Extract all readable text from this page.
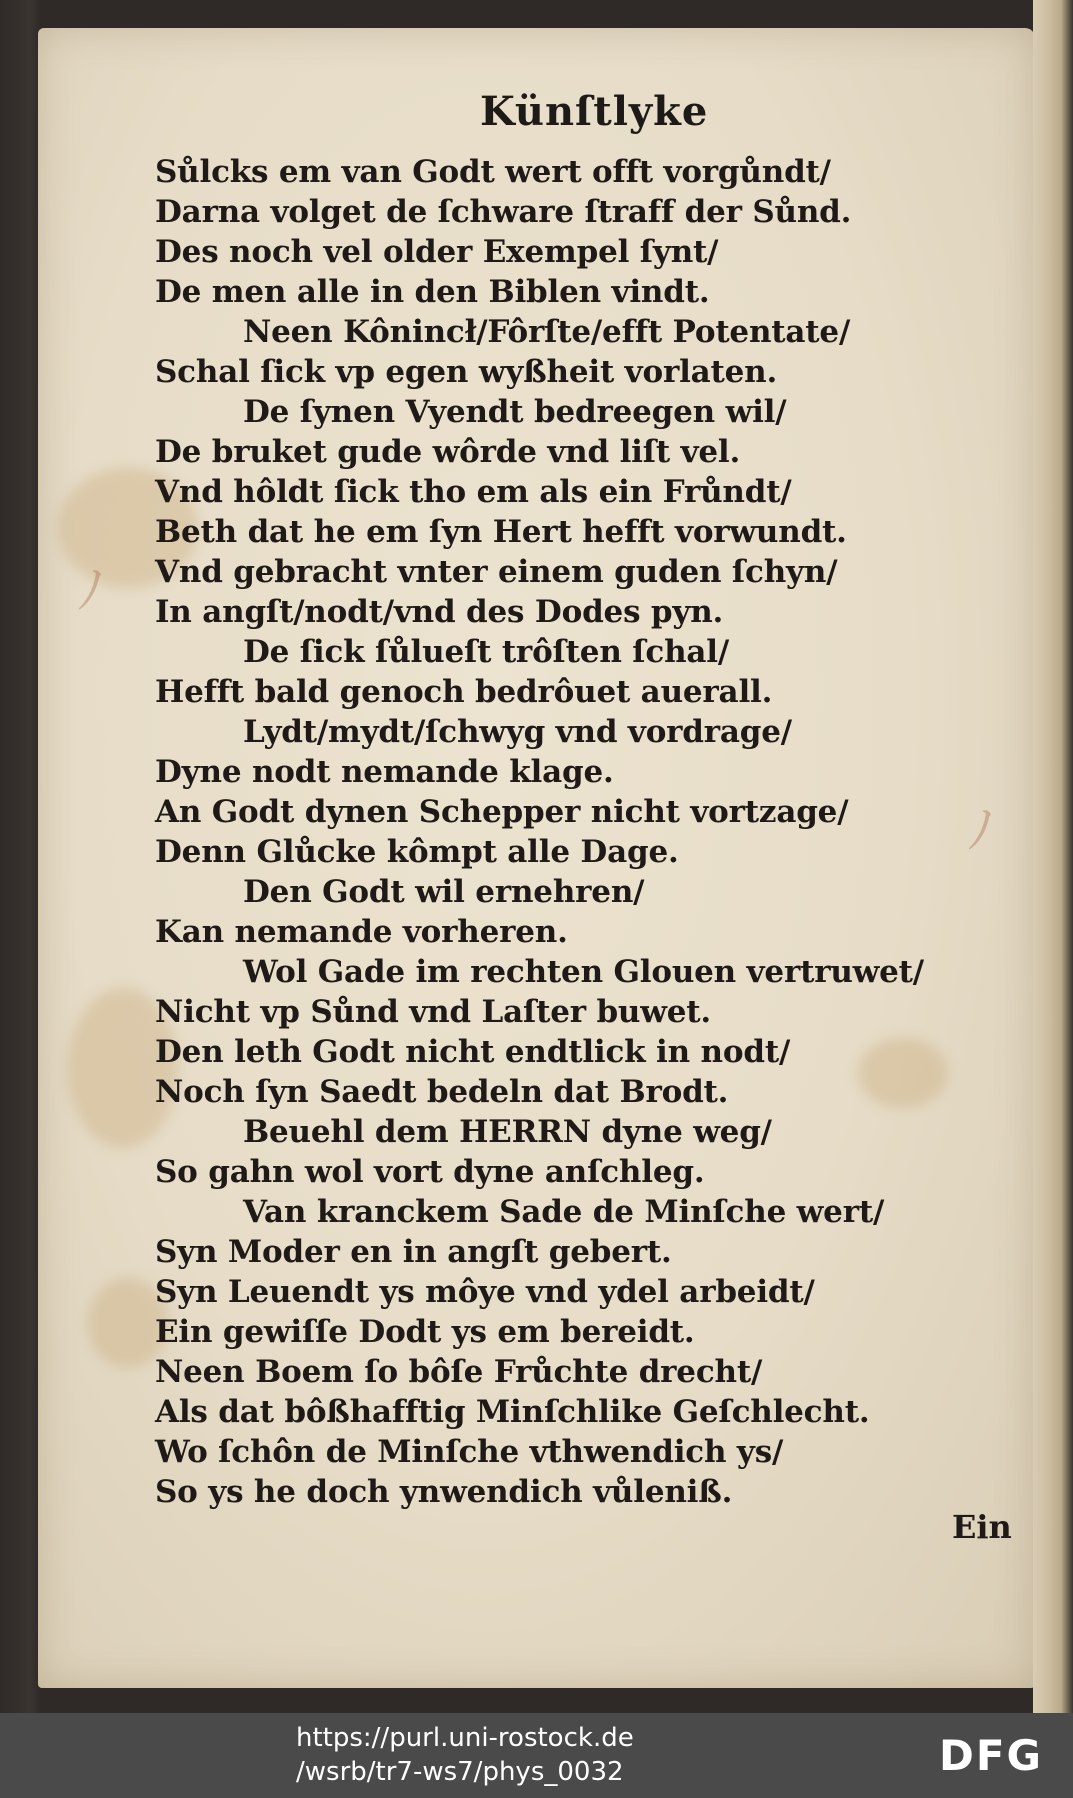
ﾉ
ﾉ
Künſtlyke
Sůlcks em van Godt wert offt vorgůndt/
Darna volget de ſchware ſtraff der Sůnd.
Des noch vel older Exempel ſynt/
De men alle in den Biblen vindt.
Neen Kônincł/Fôrſte/efft Potentate/
Schal ſick vp egen wyßheit vorlaten.
De ſynen Vyendt bedreegen wil/
De bruket gude wôrde vnd liſt vel.
Vnd hôldt ſick tho em als ein Frůndt/
Beth dat he em ſyn Hert hefft vorwundt.
Vnd gebracht vnter einem guden ſchyn/
In angſt/nodt/vnd des Dodes pyn.
De ſick ſůlueſt trôſten ſchal/
Hefft bald genoch bedrôuet auerall.
Lydt/mydt/ſchwyg vnd vordrage/
Dyne nodt nemande klage.
An Godt dynen Schepper nicht vortzage/
Denn Glůcke kômpt alle Dage.
Den Godt wil ernehren/
Kan nemande vorheren.
Wol Gade im rechten Glouen vertruwet/
Nicht vp Sůnd vnd Laſter buwet.
Den leth Godt nicht endtlick in nodt/
Noch ſyn Saedt bedeln dat Brodt.
Beuehl dem HERRN dyne weg/
So gahn wol vort dyne anſchleg.
Van kranckem Sade de Minſche wert/
Syn Moder en in angſt gebert.
Syn Leuendt ys môye vnd ydel arbeidt/
Ein gewiſſe Dodt ys em bereidt.
Neen Boem ſo bôſe Frůchte drecht/
Als dat bôßhafftig Minſchlike Geſchlecht.
Wo ſchôn de Minſche vthwendich ys/
So ys he doch ynwendich vůleniß.
Ein
https://purl.uni-rostock.de
/wsrb/tr7-ws7/phys_0032	DFG
